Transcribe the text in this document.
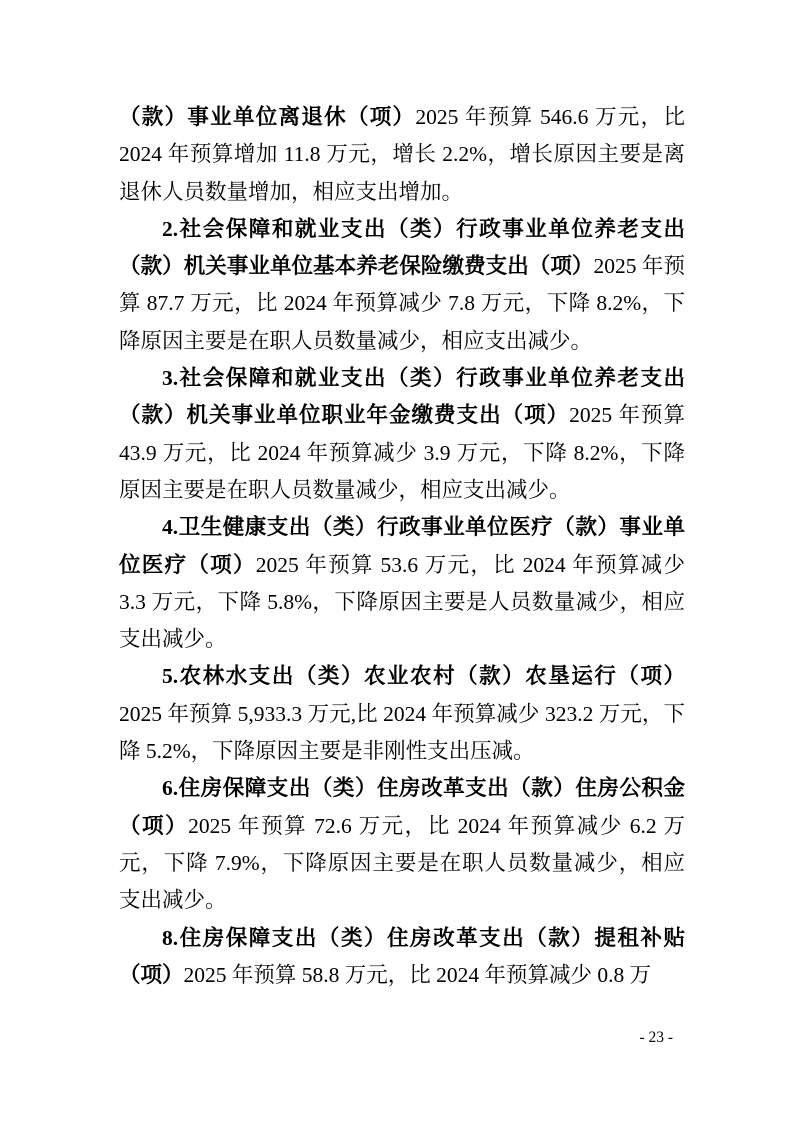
（款）事业单位离退休（项）2025 年预算 546.6 万元，比 2024 年预算增加 11.8 万元，增长 2.2%，增长原因主要是离退休人员数量增加，相应支出增加。

2.社会保障和就业支出（类）行政事业单位养老支出（款）机关事业单位基本养老保险缴费支出（项）2025 年预算 87.7 万元，比 2024 年预算减少 7.8 万元，下降 8.2%，下降原因主要是在职人员数量减少，相应支出减少。

3.社会保障和就业支出（类）行政事业单位养老支出（款）机关事业单位职业年金缴费支出（项）2025 年预算 43.9 万元，比 2024 年预算减少 3.9 万元，下降 8.2%，下降原因主要是在职人员数量减少，相应支出减少。

4.卫生健康支出（类）行政事业单位医疗（款）事业单位医疗（项）2025 年预算 53.6 万元，比 2024 年预算减少 3.3 万元，下降 5.8%，下降原因主要是人员数量减少，相应支出减少。

5.农林水支出（类）农业农村（款）农垦运行（项）2025 年预算 5,933.3 万元,比 2024 年预算减少 323.2 万元，下降 5.2%，下降原因主要是非刚性支出压减。

6.住房保障支出（类）住房改革支出（款）住房公积金（项）2025 年预算 72.6 万元，比 2024 年预算减少 6.2 万元，下降 7.9%，下降原因主要是在职人员数量减少，相应支出减少。

8.住房保障支出（类）住房改革支出（款）提租补贴（项）2025 年预算 58.8 万元，比 2024 年预算减少 0.8 万

- 23 -
